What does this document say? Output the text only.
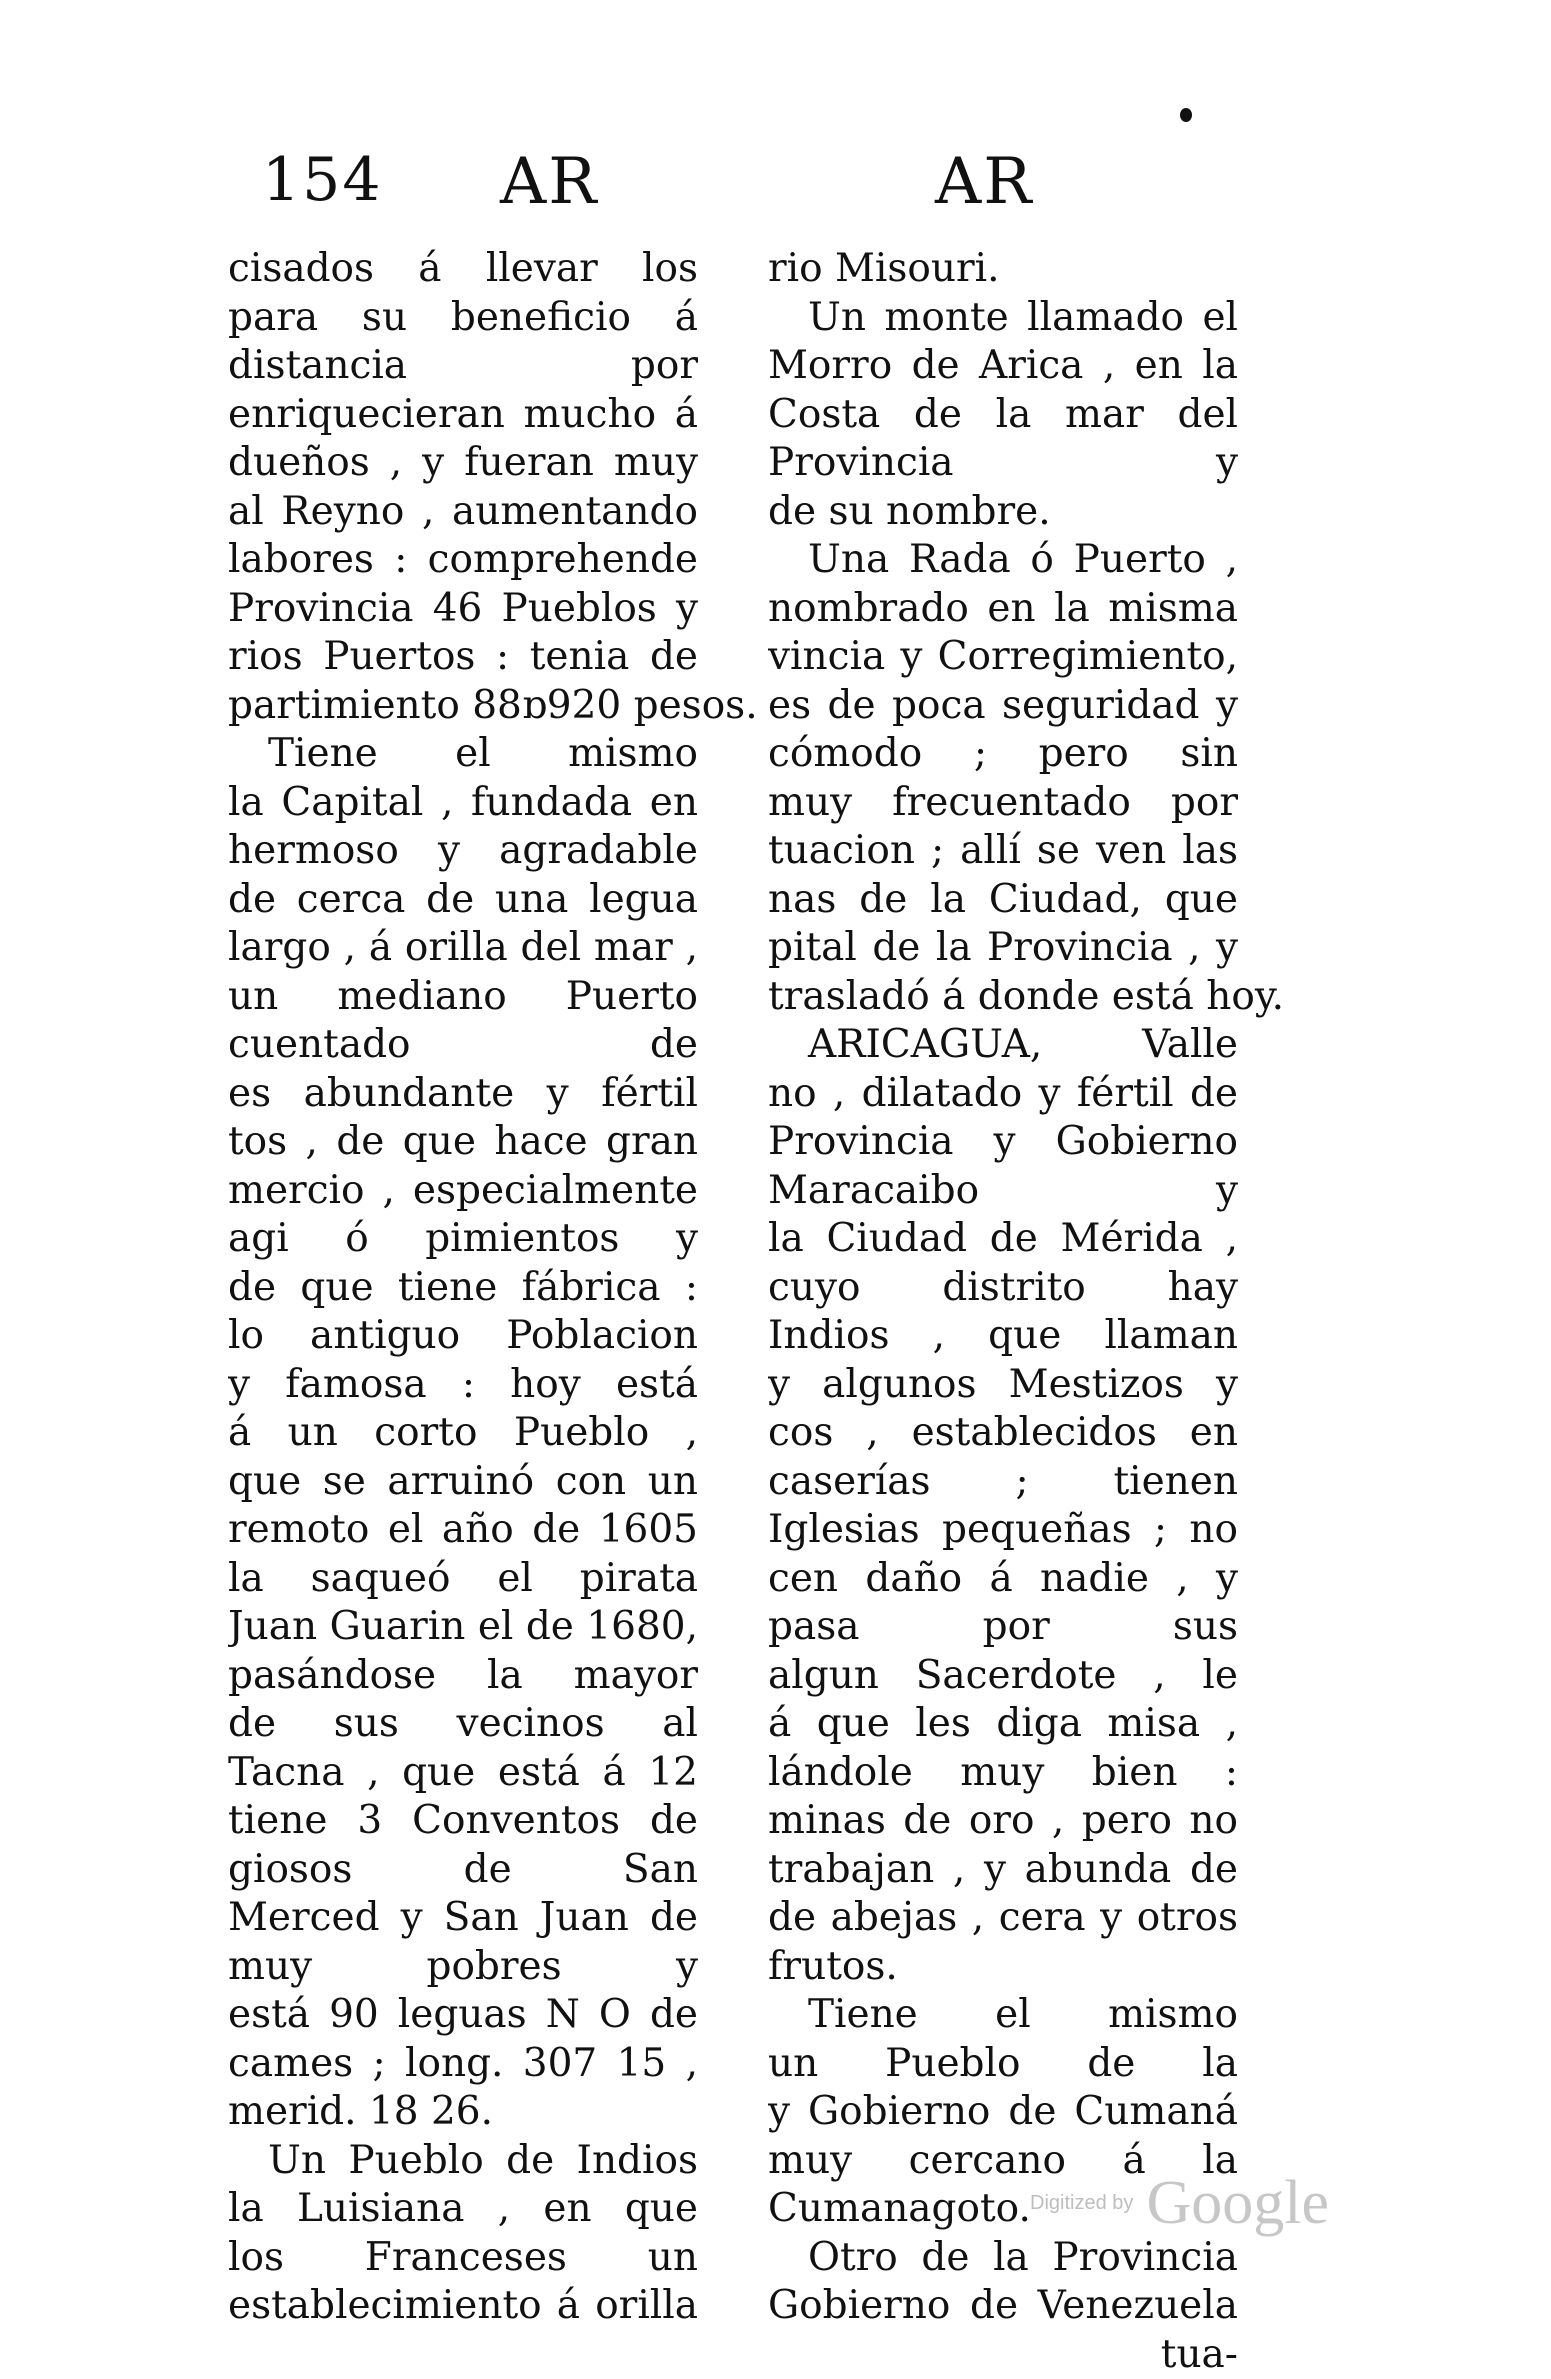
154 AR	AR
cisados á llevar los
para su beneficio á
distancia por
enriquecieran mucho á
dueños , y fueran muy
al Reyno , aumentando
labores : comprehende
Provincia 46 Pueblos y
rios Puertos : tenia de
partimiento 88ɒ920 pesos.
Tiene el mismo
la Capital , fundada en
hermoso y agradable
de cerca de una legua
largo , á orilla del mar ,
un mediano Puerto
cuentado de
es abundante y fértil
tos , de que hace gran
mercio , especialmente
agi ó pimientos y
de que tiene fábrica :
lo antiguo Poblacion
y famosa : hoy está
á un corto Pueblo ,
que se arruinó con un
remoto el año de 1605
la saqueó el pirata
Juan Guarin el de 1680,
pasándose la mayor
de sus vecinos al
Tacna , que está á 12
tiene 3 Conventos de
giosos de San
Merced y San Juan de
muy pobres y
está 90 leguas N O de
cames ; long. 307 15 ,
merid. 18 26.
Un Pueblo de Indios
la Luisiana , en que
los Franceses un
establecimiento á orilla
rio Misouri.
Un monte llamado el
Morro de Arica , en la
Costa de la mar del
Provincia y
de su nombre.
Una Rada ó Puerto ,
nombrado en la misma
vincia y Corregimiento,
es de poca seguridad y
cómodo ; pero sin
muy frecuentado por
tuacion ; allí se ven las
nas de la Ciudad, que
pital de la Provincia , y
trasladó á donde está hoy.
ARICAGUA, Valle
no , dilatado y fértil de
Provincia y Gobierno
Maracaibo y
la Ciudad de Mérida ,
cuyo distrito hay
Indios , que llaman
y algunos Mestizos y
cos , establecidos en
caserías ; tienen
Iglesias pequeñas ; no
cen daño á nadie , y
pasa por sus
algun Sacerdote , le
á que les diga misa ,
lándole muy bien :
minas de oro , pero no
trabajan , y abunda de
de abejas , cera y otros
frutos.
Tiene el mismo
un Pueblo de la
y Gobierno de Cumaná
muy cercano á la
Cumanagoto.
Otro de la Provincia
Gobierno de Venezuela
tua-
Digitized by Google
